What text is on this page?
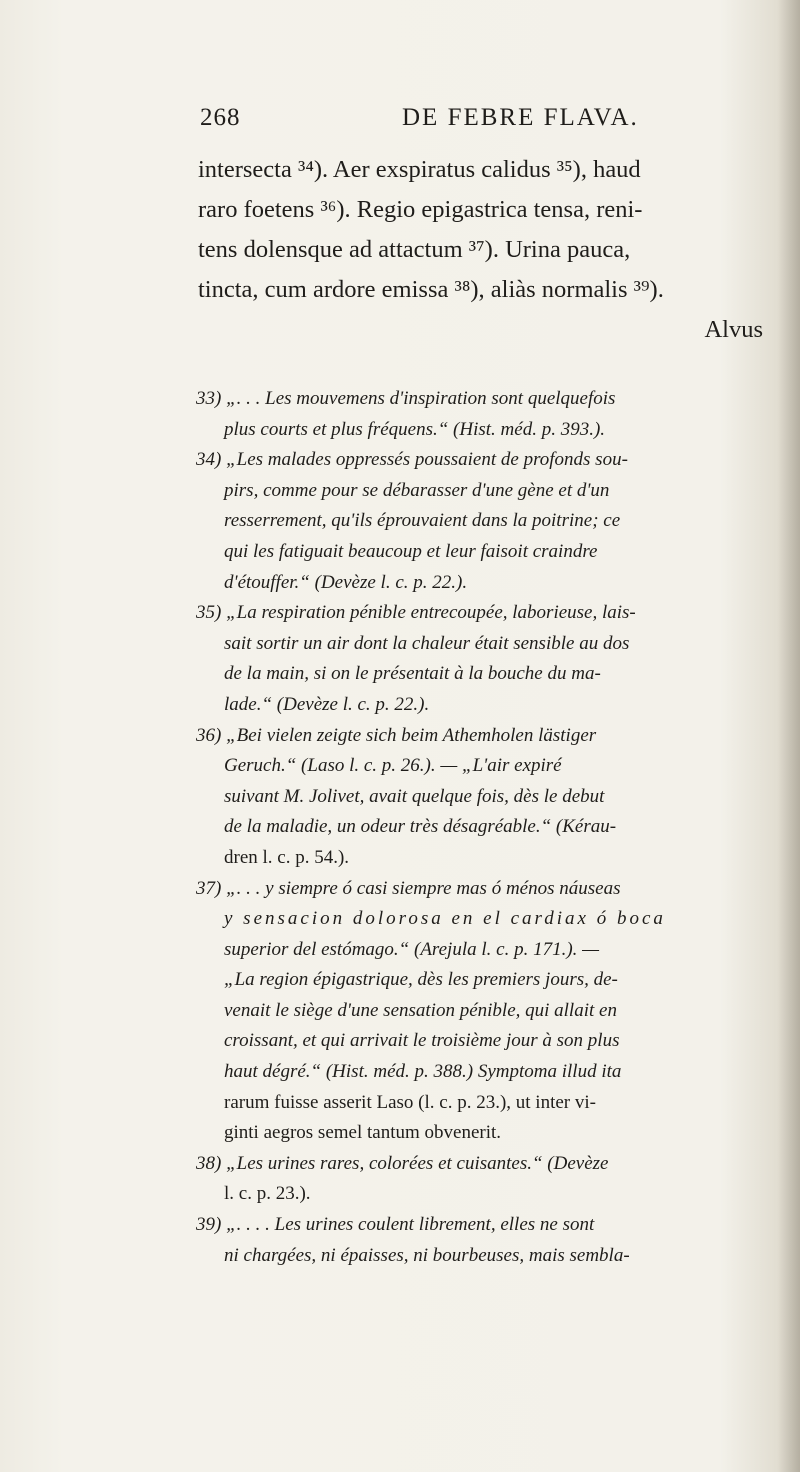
268	DE FEBRE FLAVA.
intersecta ³⁴). Aer exspiratus calidus ³⁵), haud
raro foetens ³⁶). Regio epigastrica tensa, reni-
tens dolensque ad attactum ³⁷). Urina pauca,
tincta, cum ardore emissa ³⁸), aliàs normalis ³⁹).
Alvus
33) „. . . Les mouvemens d'inspiration sont quelquefois
plus courts et plus fréquens.“ (Hist. méd. p. 393.).
34) „Les malades oppressés poussaient de profonds sou-
pirs, comme pour se débarasser d'une gène et d'un
resserrement, qu'ils éprouvaient dans la poitrine; ce
qui les fatiguait beaucoup et leur faisoit craindre
d'étouffer.“ (Devèze l. c. p. 22.).
35) „La respiration pénible entrecoupée, laborieuse, lais-
sait sortir un air dont la chaleur était sensible au dos
de la main, si on le présentait à la bouche du ma-
lade.“ (Devèze l. c. p. 22.).
36) „Bei vielen zeigte sich beim Athemholen lästiger
Geruch.“ (Laso l. c. p. 26.). — „L'air expiré
suivant M. Jolivet, avait quelque fois, dès le debut
de la maladie, un odeur très désagréable.“ (Kérau-
dren l. c. p. 54.).
37) „. . . y siempre ó casi siempre mas ó ménos náuseas
y sensacion dolorosa en el cardiax ó boca
superior del estómago.“ (Arejula l. c. p. 171.). —
„La region épigastrique, dès les premiers jours, de-
venait le siège d'une sensation pénible, qui allait en
croissant, et qui arrivait le troisième jour à son plus
haut dégré.“ (Hist. méd. p. 388.) Symptoma illud ita
rarum fuisse asserit Laso (l. c. p. 23.), ut inter vi-
ginti aegros semel tantum obvenerit.
38) „Les urines rares, colorées et cuisantes.“ (Devèze
l. c. p. 23.).
39) „. . . . Les urines coulent librement, elles ne sont
ni chargées, ni épaisses, ni bourbeuses, mais sembla-
